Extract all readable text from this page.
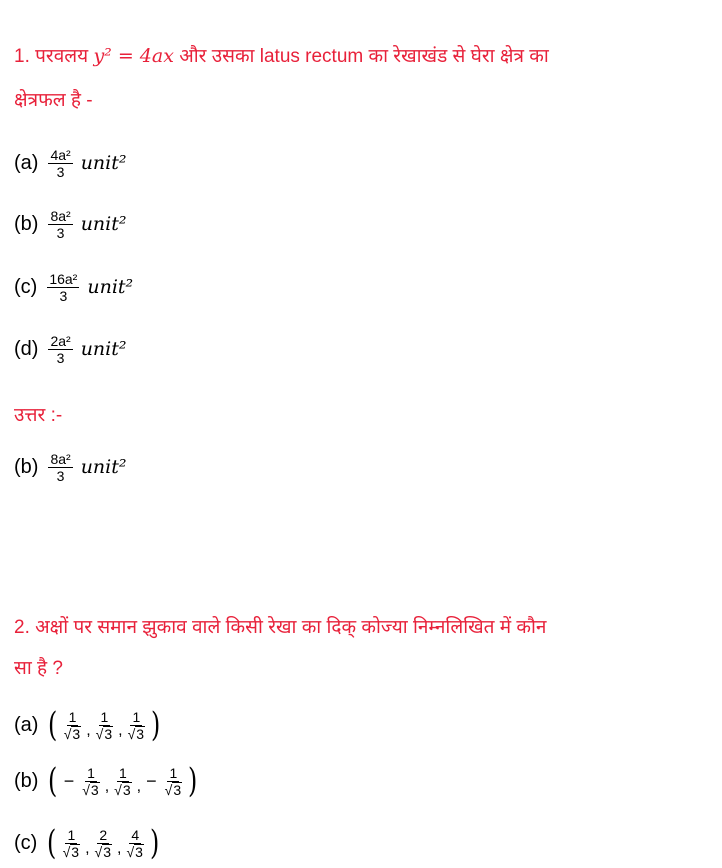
1. परवलय y² = 4ax और उसका latus rectum का रेखाखंड से घेरा क्षेत्र का
क्षेत्रफल है -
$(a) \frac{\text{4a²}}{3}$ unit²
$(b) \frac{\text{8a²}}{3}$ unit²
$(c) \frac{\text{16a²}}{3}$ unit²
$(d) \frac{\text{2a²}}{3}$ unit²
उत्तर :-
$(b) \frac{\text{8a²}}{3}$ unit²
2. अक्षों पर समान झुकाव वाले किसी रेखा का दिक् कोज्या निम्नलिखित में कौन
सा है ?
(a) ( $\frac{1}{√ 3}$ , $\frac{1}{√ 3}$ , $\frac{1}{√ 3}$ )
(b) ( − $\frac{1}{√ 3}$ , $\frac{1}{√ 3}$ , − $\frac{1}{√ 3}$ )
(c) ( $\frac{1}{√ 3}$ , $\frac{2}{√ 3}$ , $\frac{4}{√ 3}$ )
